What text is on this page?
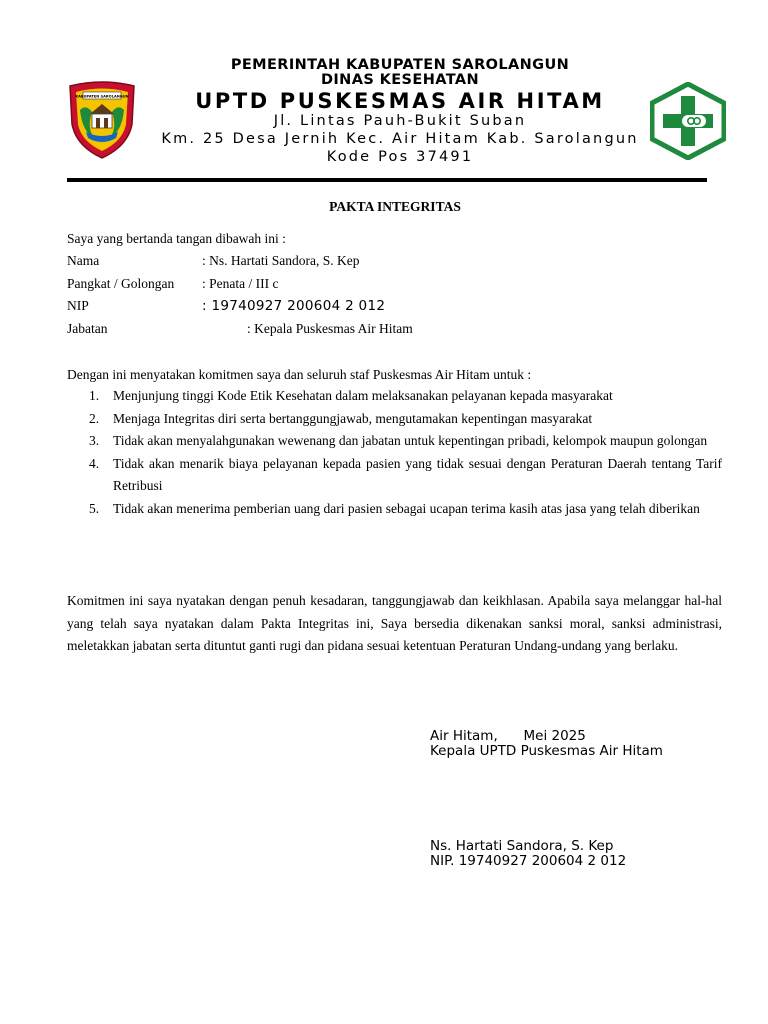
KABUPATEN SAROLANGUN
PEMERINTAH KABUPATEN SAROLANGUN
DINAS KESEHATAN
UPTD PUSKESMAS AIR HITAM
Jl. Lintas Pauh-Bukit Suban
Km. 25 Desa Jernih Kec. Air Hitam Kab. Sarolangun
Kode Pos 37491
PAKTA INTEGRITAS
Saya yang bertanda tangan dibawah ini :
Nama	: Ns. Hartati Sandora, S. Kep
Pangkat / Golongan : Penata / III c
NIP	: 19740927 200604 2 012
Jabatan	: Kepala Puskesmas Air Hitam
Dengan ini menyatakan komitmen saya dan seluruh staf Puskesmas Air Hitam untuk :
1. Menjunjung tinggi Kode Etik Kesehatan dalam melaksanakan pelayanan kepada masyarakat
2. Menjaga Integritas diri serta bertanggungjawab, mengutamakan kepentingan masyarakat
3. Tidak akan menyalahgunakan wewenang dan jabatan untuk kepentingan pribadi, kelompok maupun golongan
4. Tidak akan menarik biaya pelayanan kepada pasien yang tidak sesuai dengan Peraturan Daerah tentang Tarif Retribusi
5. Tidak akan menerima pemberian uang dari pasien sebagai ucapan terima kasih atas jasa yang telah diberikan
Komitmen ini saya nyatakan dengan penuh kesadaran, tanggungjawab dan keikhlasan. Apabila saya melanggar hal-hal yang telah saya nyatakan dalam Pakta Integritas ini, Saya bersedia dikenakan sanksi moral, sanksi administrasi, meletakkan jabatan serta dituntut ganti rugi dan pidana sesuai ketentuan Peraturan Undang-undang yang berlaku.
Air Hitam,      Mei 2025
Kepala UPTD Puskesmas Air Hitam
Ns. Hartati Sandora, S. Kep
NIP. 19740927 200604 2 012
